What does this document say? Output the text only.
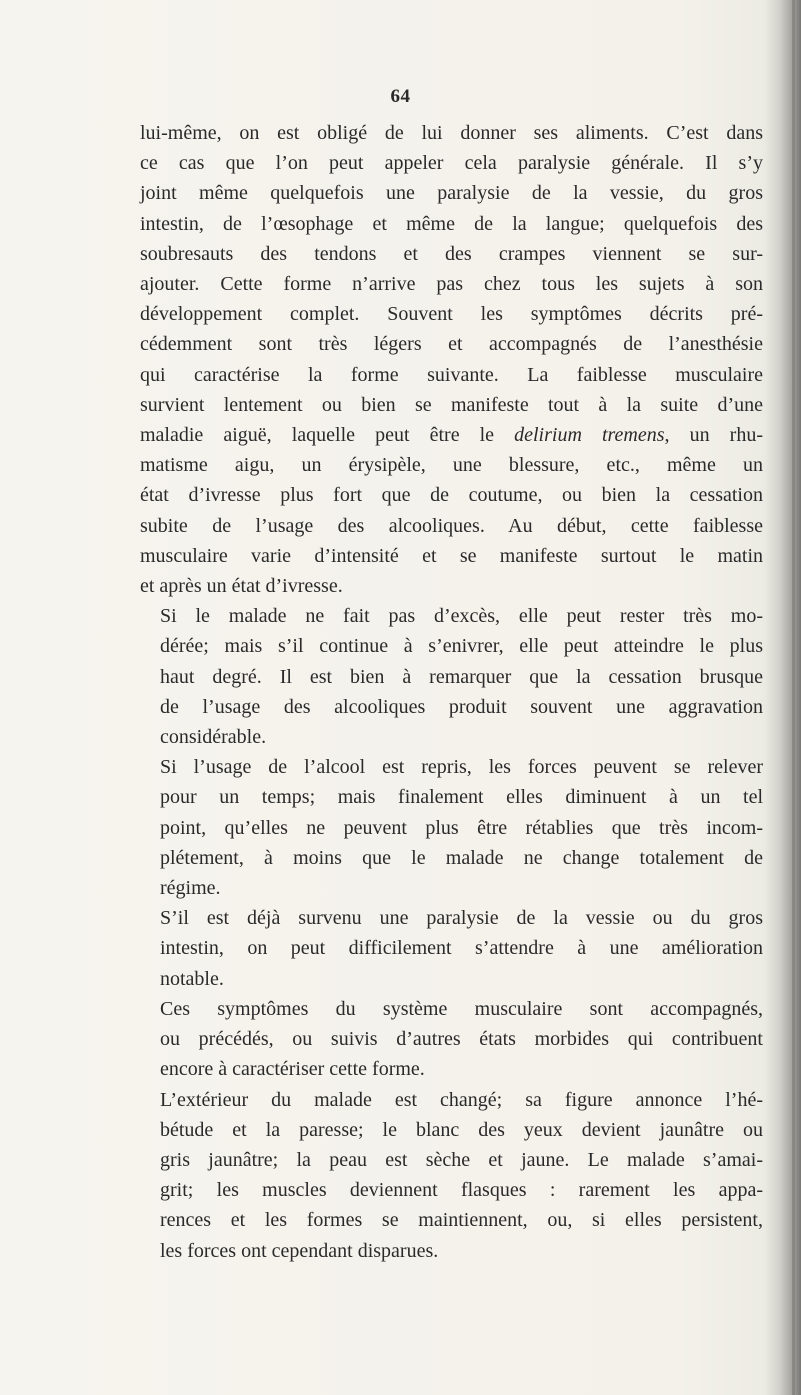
64

lui-même, on est obligé de lui donner ses aliments. C’est dans
ce cas que l’on peut appeler cela paralysie générale. Il s’y
joint même quelquefois une paralysie de la vessie, du gros
intestin, de l’œsophage et même de la langue; quelquefois des
soubresauts des tendons et des crampes viennent se sur-
ajouter. Cette forme n’arrive pas chez tous les sujets à son
développement complet. Souvent les symptômes décrits pré-
cédemment sont très légers et accompagnés de l’anesthésie
qui caractérise la forme suivante. La faiblesse musculaire
survient lentement ou bien se manifeste tout à la suite d’une
maladie aiguë, laquelle peut être le delirium tremens, un rhu-
matisme aigu, un érysipèle, une blessure, etc., même un
état d’ivresse plus fort que de coutume, ou bien la cessation
subite de l’usage des alcooliques. Au début, cette faiblesse
musculaire varie d’intensité et se manifeste surtout le matin
et après un état d’ivresse.

Si le malade ne fait pas d’excès, elle peut rester très mo-
dérée; mais s’il continue à s’enivrer, elle peut atteindre le plus
haut degré. Il est bien à remarquer que la cessation brusque
de l’usage des alcooliques produit souvent une aggravation
considérable.

Si l’usage de l’alcool est repris, les forces peuvent se relever
pour un temps; mais finalement elles diminuent à un tel
point, qu’elles ne peuvent plus être rétablies que très incom-
plétement, à moins que le malade ne change totalement de
régime.

S’il est déjà survenu une paralysie de la vessie ou du gros
intestin, on peut difficilement s’attendre à une amélioration
notable.

Ces symptômes du système musculaire sont accompagnés,
ou précédés, ou suivis d’autres états morbides qui contribuent
encore à caractériser cette forme.

L’extérieur du malade est changé; sa figure annonce l’hé-
bétude et la paresse; le blanc des yeux devient jaunâtre ou
gris jaunâtre; la peau est sèche et jaune. Le malade s’amai-
grit; les muscles deviennent flasques : rarement les appa-
rences et les formes se maintiennent, ou, si elles persistent,
les forces ont cependant disparues.
